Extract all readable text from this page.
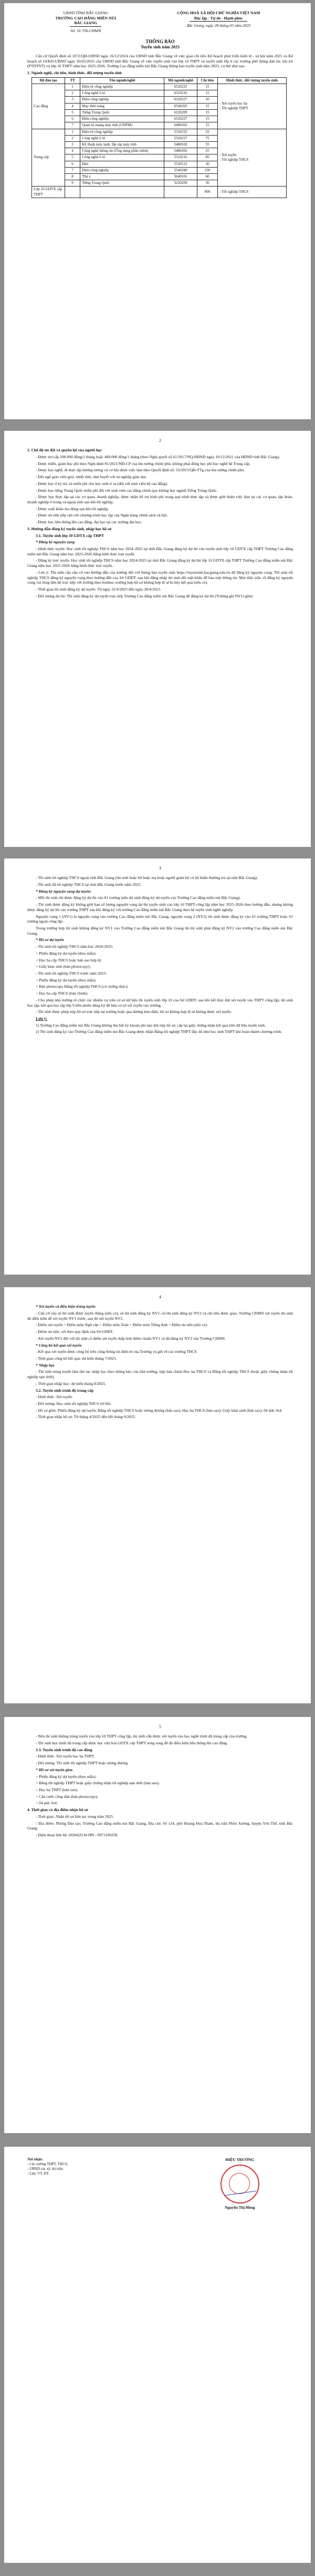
UBND TỈNH BẮC GIANG
TRƯỜNG CAO ĐẲNG MIỀN NÚI
BẮC GIANG
Số: 10 /TB-CĐMN
CỘNG HOÀ XÃ HỘI CHỦ NGHĨA VIỆT NAM
Độc lập - Tự do - Hạnh phúc
Bắc Giang, ngày 28 tháng 03 năm 2025
THÔNG BÁO
Tuyển sinh năm 2025

Căn cứ Quyết định số 1072/QĐ-UBND ngày 16/12/2024 của UBND tỉnh Bắc Giang về việc giao chỉ tiêu Kế hoạch phát triển kinh tế - xã hội năm 2025 và Kế hoạch số 14/KH-UBND ngày 26/02/2025 của UBND tỉnh Bắc Giang về việc tuyển sinh vào lớp 10 THPT và tuyển sinh lớp 6 các trường phổ thông dân tộc nội trú (PTDTNT) và lớp 10 THPT năm học 2025-2026. Trường Cao đẳng miền núi Bắc Giang thông báo tuyển sinh năm 2025, cụ thể như sau:

1. Ngành nghề, chỉ tiêu, hình thức, đối tượng tuyển sinh

Hệ đào tạo	TT	Tên ngành/nghề	Mã ngành/nghề	Chỉ tiêu	Hình thức, đối tượng tuyển sinh
Cao đẳng	1	Điện tử công nghiệp	6520225	15	- Xét tuyển học bạ
- Tốt nghiệp THPT

	2	Công nghệ ô tô	6510216	15	
	3	Điện công nghiệp	6520227	10	
	4	May thời trang	6540205	15	
	5	Tiếng Trung Quốc	6220209	15	
	6	Điện công nghiệp	6520227	15	
	7	Quản trị mạng máy tính (UDPM)	6480202	15	
Trung cấp	1	Điện tử công nghiệp	5520225	25	- Xét tuyển
- Tốt nghiệp THCS

	2	Công nghệ ô tô	5520227	75	
	3	Kỹ thuật máy lạnh, lắp ráp máy tính	5480102	55	
	4	Công nghệ thông tin (Ứng dụng phần mềm)	5480202	25	
	5	Công nghệ ô tô	5510216	85	
	6	Hàn	5520123	30	
	7	Điện công nghiệp	5540280	230	
	8	Thú y	5640101	60	
	9	Tiếng Trung Quốc	5220209	50	
Lớp 10 GDTX cấp THPT				900	- Tốt nghiệp THCS
2

2. Chế độ ưu đãi và quyền lợi của người học

- Được trợ cấp 200.000 đồng/1 tháng hoặc 400.000 đồng/1 tháng (theo Nghị quyết số 61/2017/NQ-HĐND ngày 10/12/2021 của HĐND tỉnh Bắc Giang).

- Được miễn, giảm học phí theo Nghị định 81/2021/NĐ-CP của thủ tướng chính phủ, không phải đóng học phí học nghề hệ Trung cấp.

- Được học nghề, đi thực tập hưởng lương và cơ hội được việc làm theo Quyết định số: 53/2015/QĐ-TTg của thủ tướng chính phủ.

- Đội ngũ giáo viên giỏi, nhiệt tình, tâm huyết với sự nghiệp giáo dục.

- Được học ở ký túc xá miễn phí cho học sinh ở xa (đối với sinh viên hệ cao đẳng).

- Được học tiếng Trung Quốc miễn phí đối với sinh viên cao đẳng chính quy không học ngành Tiếng Trung Quốc.

- Được học thực tập tại các cơ quan, doanh nghiệp, được nhận hỗ trợ kinh phí trong quá trình thực tập và được giới thiệu việc làm tại các cơ quan, tập đoàn, doanh nghiệp ở trong và ngoài tỉnh sau khi tốt nghiệp.

- Được xuất khẩu lao động sau khi tốt nghiệp.

- Được ưu tiên tiếp cận với chương trình học tập của Ngân hàng chính sách xã hội.

- Được học liên thông lên cao đẳng, đại học tại các trường đại học.

3. Hướng dẫn đăng ký tuyển sinh, nhập học hồ sơ

3.1. Tuyển sinh lớp 10 GDTX cấp THPT

* Đăng ký nguyện vọng

- Hình thức tuyển: Học sinh tốt nghiệp THCS năm học 2024-2025 tại tỉnh Bắc Giang đăng ký dự thi vào tuyển sinh lớp 10 GDTX cấp THPT Trường Cao đẳng miền núi Bắc Giang năm học 2025-2026 bằng hình thức trực tuyến.

- Đăng ký trực tuyến: Học sinh tốt nghiệp THCS năm học 2024-2025 tại tỉnh Bắc Giang đăng ký dự thi lớp 10 GDTX cấp THPT Trường Cao đẳng miền núi Bắc Giang năm học 2025-2026 bằng hình thức trực tuyến.

- Lưu ý: Thí sinh cần căn cứ vào hướng dẫn của trường đối với thông báo tuyển sinh https://tuyensinh.bacgiang.edu.vn để đăng ký nguyện vọng. Thí sinh tốt nghiệp THCS đăng ký nguyện vọng theo hướng dẫn của Sở GDĐT, sau khi đăng nhập thí sinh đổi mật khẩu để bảo mật thông tin. Mọi thắc mắc về đăng ký nguyện vọng vui lòng liên hệ trực tiếp với trường theo hotline; trường hợp hồ sơ không hợp lệ sẽ bị hủy kết quả (nếu có).

- Thời gian thí sinh đăng ký dự tuyển: Từ ngày 22/4/2025 đến ngày 28/4/2025.

- Đối tượng dự thi: Thí sinh đăng ký dự tuyển trực tiếp Trường Cao đẳng miền núi Bắc Giang để đăng ký dự thi (Trường ghi NV1) gồm:

3

- Thí sinh tốt nghiệp THCS ngoài tỉnh Bắc Giang (thí sinh hoặc bố hoặc mẹ hoặc người giám hộ có hộ khẩu thường trú tại tỉnh Bắc Giang).

- Thí sinh đã tốt nghiệp THCS tại tỉnh Bắc Giang trước năm 2025.

* Đăng ký nguyện vọng dự tuyển:

- Mỗi thí sinh chỉ được đăng ký dự thi vào 01 trường (nếu thí sinh đăng ký dự tuyển vào Trường Cao đẳng miền núi Bắc Giang).

- Thí sinh được đăng ký không giới hạn số lượng nguyện vọng dự thi tuyển sinh vào lớp 10 THPT công lập năm học 2025-2026 theo hướng dẫn, nhưng không được đăng ký dự thi vào trường THPT sau khi đăng ký với trường Cao đẳng miền núi Bắc Giang theo hệ tuyển sinh nghề nghiệp.

Nguyện vọng 1 (NV1) là nguyện vọng vào trường Cao đẳng miền núi Bắc Giang, nguyện vọng 2 (NV2) thí sinh được đăng ký vào 01 trường THPT hoặc 01 trường ngoài công lập.

Trong trường hợp thí sinh không đăng ký NV1 vào Trường Cao đẳng miền núi Bắc Giang thì thí sinh phải đăng ký NV2 vào trường Cao đẳng miền núi Bắc Giang.

* Hồ sơ dự tuyển

- Thí sinh tốt nghiệp THCS năm học 2024-2025:

+ Phiếu đăng ký dự tuyển (theo mẫu);

+ Học bạ cấp THCS hoặc bản sao hợp lệ;

+ Giấy khai sinh (bản photocopy);

- Thí sinh tốt nghiệp THCS trước năm 2025:

+ Phiếu đăng ký dự tuyển (theo mẫu);

+ Bản photocopy Bằng tốt nghiệp THCS (có chứng thực);

+ Học bạ cấp THCS (bản chính).

- Cho phép nhà trường tổ chức các nhiệm vụ trên cơ sở dữ liệu thi tuyển sinh lớp 10 của Sở GDĐT, sau khi kết thúc đợt xét tuyển vào THPT công lập; thí sinh học tập, kết quả học tập lớp 9 trên phiếu đăng ký để làm cơ sở xét tuyển vào trường.

- Thí sinh được phép nộp hồ sơ trực tiếp tại trường hoặc qua đường bưu điện, hồ sơ không hợp lệ sẽ không được xét tuyển.

Lưu ý:

1) Trường Cao đẳng miền núi Bắc Giang không thu bất kỳ khoản phí nào khi nộp hồ sơ, cấp lại giấy chứng nhận kết quả trên dữ liệu tuyển sinh.

2) Thí sinh đăng ký vào Trường Cao đẳng miền núi Bắc Giang được nhận Bằng tốt nghiệp THPT đầy đủ như học sinh THPT khi hoàn thành chương trình.

4

* Xét tuyển và điều kiện trúng tuyển

- Căn cứ vào số thí sinh được tuyển thẳng (nếu có), số thí sinh đăng ký NV1, số thí sinh đăng ký NV2 và chỉ tiêu được giao; Trường CĐMN xét tuyển thí sinh đủ điều kiện để xét tuyển NV1 trước, sau đó xét tuyển NV2.

- Điểm xét tuyển = Điểm môn Ngữ văn + Điểm môn Toán + Điểm môn Tiếng Anh + Điểm ưu tiên (nếu có).

- Điểm ưu tiên: xét theo quy định của Sở GDĐT.

- Xét tuyển NV2 đối với thí sinh có điểm xét tuyển thấp hơn điểm chuẩn NV1 và đã đăng ký NV2 vào Trường CĐMN.

* Công bố kết quả xét tuyển

- Kết quả xét tuyển được công bố trên cổng thông tin điện tử của Trường và gửi về các trường THCS.

- Thời gian công bố kết quả: dự kiến tháng 7/2025.

* Nhập học

- Thí sinh trúng tuyển làm thủ tục nhập học theo thông báo của nhà trường, nộp bản chính Học bạ THCS và Bằng tốt nghiệp THCS (hoặc giấy chứng nhận tốt nghiệp tạm thời).

- Thời gian nhập học: dự kiến tháng 8/2025.

3.2. Tuyển sinh trình độ trung cấp

- Hình thức: Xét tuyển.

- Đối tượng: Học sinh tốt nghiệp THCS trở lên.

- Hồ sơ gồm: Phiếu đăng ký dự tuyển; Bằng tốt nghiệp THCS hoặc tương đương (bản sao); Học bạ THCS (bản sao); Giấy khai sinh (bản sao); 04 ảnh 3x4.

- Thời gian nhận hồ sơ: Từ tháng 4/2025 đến hết tháng 9/2025.

5

- Nếu thí sinh không trúng tuyển vào lớp 10 THPT công lập, thí sinh vẫn được xét tuyển vào học nghề trình độ trung cấp của trường.

- Thí sinh học trình độ trung cấp được học văn hóa GDTX cấp THPT song song để đủ điều kiện liên thông lên cao đẳng.

3.3. Tuyển sinh trình độ cao đẳng

- Hình thức: Xét tuyển học bạ THPT.

- Đối tượng: Thí sinh tốt nghiệp THPT hoặc tương đương.

* Hồ sơ xét tuyển gồm

+ Phiếu đăng ký dự tuyển (theo mẫu);

+ Bằng tốt nghiệp THPT hoặc giấy chứng nhận tốt nghiệp tạm thời (bản sao);

+ Học bạ THPT (bản sao);

+ Căn cước công dân (bản photocopy);

+ 04 ảnh 3x4.

4. Thời gian và địa điểm nhận hồ sơ

- Thời gian: Nhận hồ sơ liên tục trong năm 2025.

- Địa điểm: Phòng Đào tạo, Trường Cao đẳng miền núi Bắc Giang, Địa chỉ: Số 114, phố Hoàng Hoa Thám, thị trấn Phồn Xương, huyện Yên Thế, tỉnh Bắc Giang.

- Điện thoại liên hệ: (0204)3534 089 - 0971109258.

Nơi nhận:
- Các trường THPT, THCS;
- UBND các xã, thị trấn;
- Lưu: VT, ĐT.
HIỆU TRƯỞNG
Nguyễn Thị Hồng
